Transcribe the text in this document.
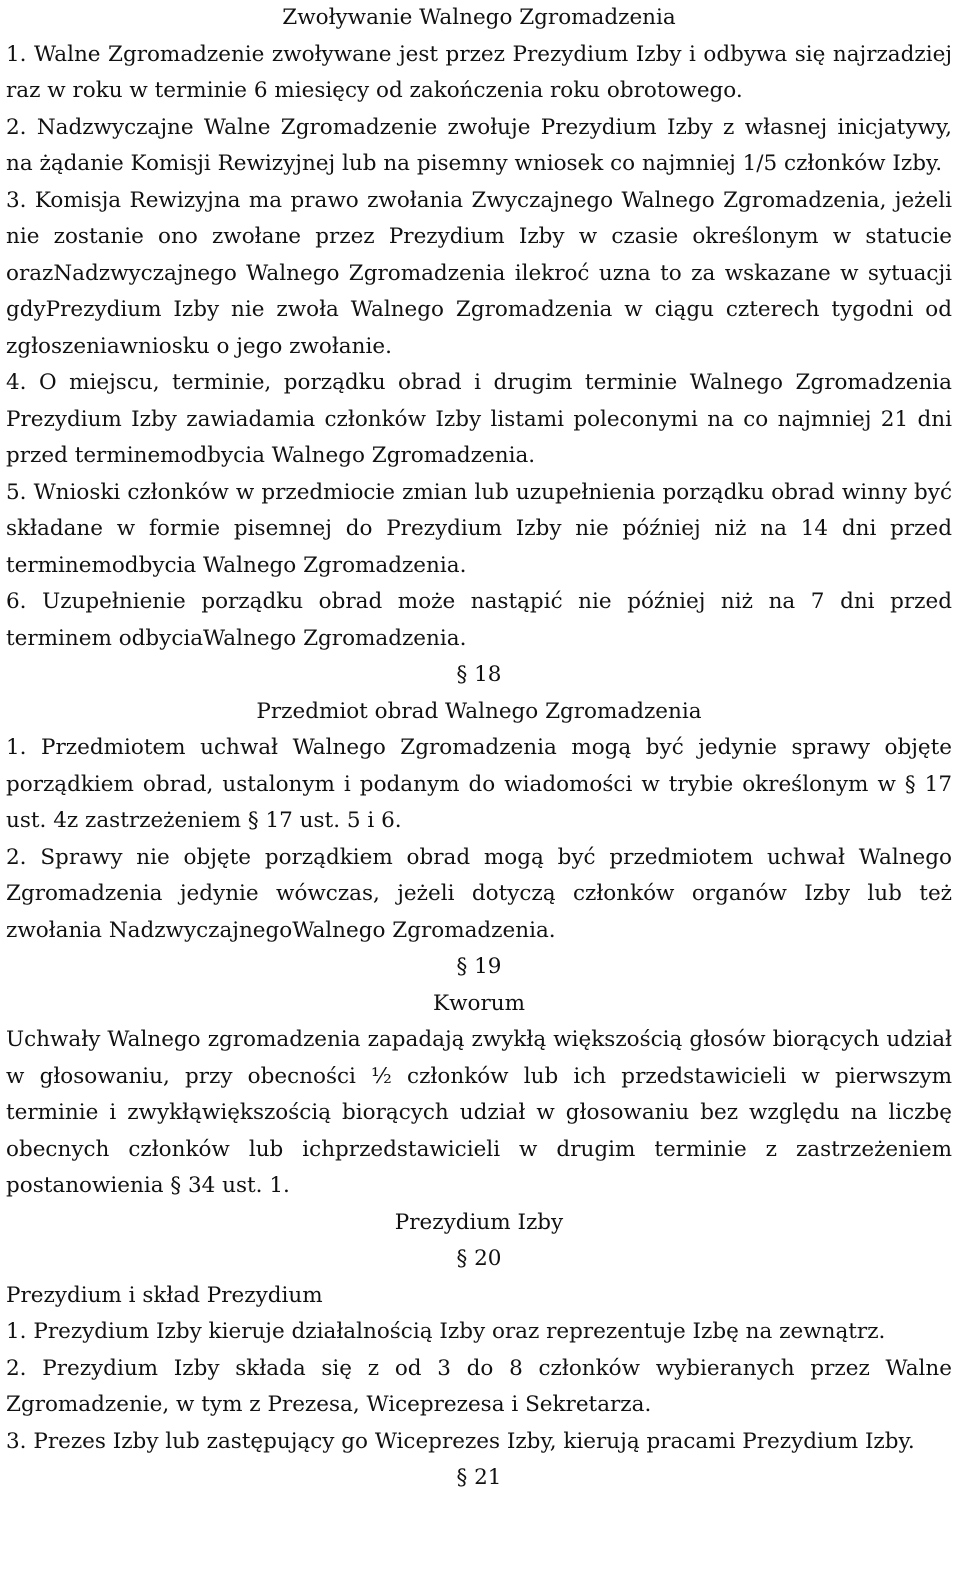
Zwoływanie Walnego Zgromadzenia

1. Walne Zgromadzenie zwoływane jest przez Prezydium Izby i odbywa się najrzadziej raz w roku w terminie 6 miesięcy od zakończenia roku obrotowego.

2. Nadzwyczajne Walne Zgromadzenie zwołuje Prezydium Izby z własnej inicjatywy, na żądanie Komisji Rewizyjnej lub na pisemny wniosek co najmniej 1/5 członków Izby.

3. Komisja Rewizyjna ma prawo zwołania Zwyczajnego Walnego Zgromadzenia, jeżeli nie zostanie ono zwołane przez Prezydium Izby w czasie określonym w statucie orazNadzwyczajnego Walnego Zgromadzenia ilekroć uzna to za wskazane w sytuacji gdyPrezydium Izby nie zwoła Walnego Zgromadzenia w ciągu czterech tygodni od zgłoszeniawniosku o jego zwołanie.

4. O miejscu, terminie, porządku obrad i drugim terminie Walnego Zgromadzenia Prezydium Izby zawiadamia członków Izby listami poleconymi na co najmniej 21 dni przed terminemodbycia Walnego Zgromadzenia.

5. Wnioski członków w przedmiocie zmian lub uzupełnienia porządku obrad winny być składane w formie pisemnej do Prezydium Izby nie później niż na 14 dni przed terminemodbycia Walnego Zgromadzenia.

6. Uzupełnienie porządku obrad może nastąpić nie później niż na 7 dni przed terminem odbyciaWalnego Zgromadzenia.

§ 18

Przedmiot obrad Walnego Zgromadzenia

1. Przedmiotem uchwał Walnego Zgromadzenia mogą być jedynie sprawy objęte porządkiem obrad, ustalonym i podanym do wiadomości w trybie określonym w § 17 ust. 4z zastrzeżeniem § 17 ust. 5 i 6.

2. Sprawy nie objęte porządkiem obrad mogą być przedmiotem uchwał Walnego Zgromadzenia jedynie wówczas, jeżeli dotyczą członków organów Izby lub też zwołania NadzwyczajnegoWalnego Zgromadzenia.

§ 19

Kworum

Uchwały Walnego zgromadzenia zapadają zwykłą większością głosów biorących udział w głosowaniu, przy obecności ½ członków lub ich przedstawicieli w pierwszym terminie i zwykłąwiększością biorących udział w głosowaniu bez względu na liczbę obecnych członków lub ichprzedstawicieli w drugim terminie z zastrzeżeniem postanowienia § 34 ust. 1.

Prezydium Izby

§ 20

Prezydium i skład Prezydium

1. Prezydium Izby kieruje działalnością Izby oraz reprezentuje Izbę na zewnątrz.

2. Prezydium Izby składa się z od 3 do 8 członków wybieranych przez Walne Zgromadzenie, w tym z Prezesa, Wiceprezesa i Sekretarza.

3. Prezes Izby lub zastępujący go Wiceprezes Izby, kierują pracami Prezydium Izby.

§ 21
